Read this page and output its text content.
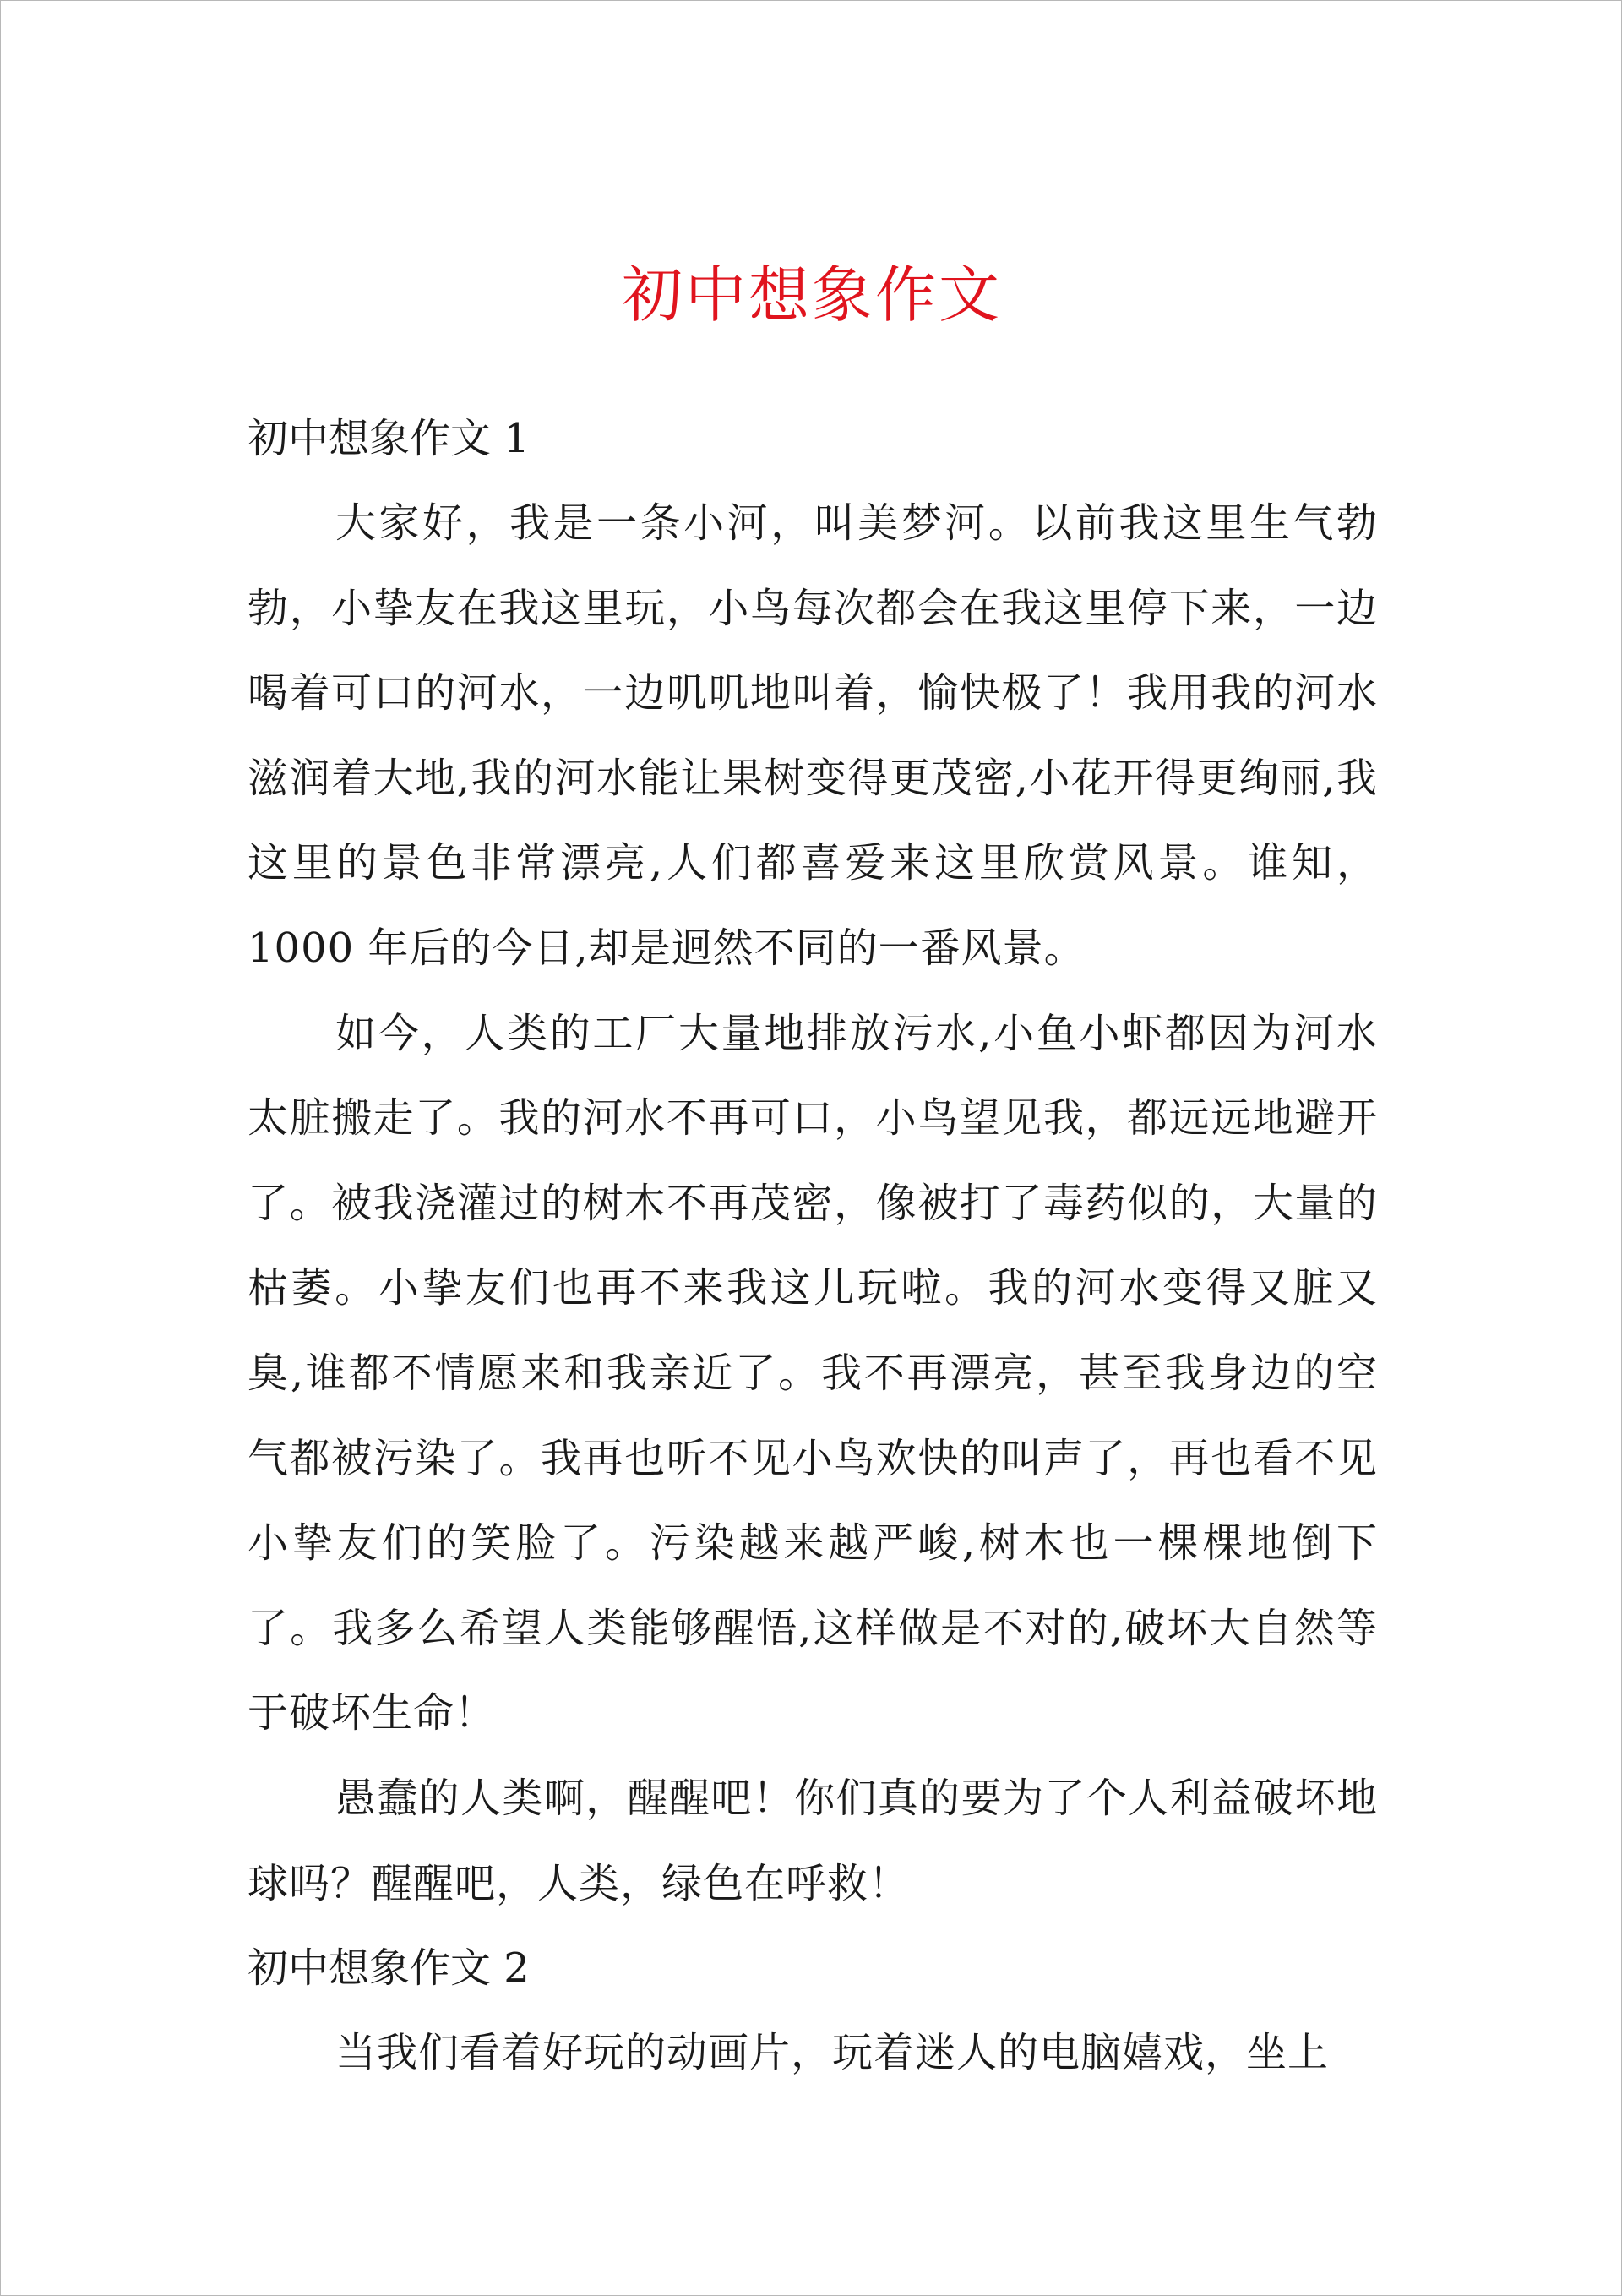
初中想象作文
初中想象作文 1

大家好，我是一条小河，叫美梦河。以前我这里生气勃勃，小挚友在我这里玩，小鸟每次都会在我这里停下来，一边喝着可口的河水，一边叽叽地叫着，愉快极了！我用我的河水滋润着大地,我的河水能让果树变得更茂密,小花开得更绚丽,我这里的景色非常漂亮,人们都喜爱来这里欣赏风景。谁知，1000 年后的今日,却是迥然不同的一番风景。

如今，人类的工厂大量地排放污水,小鱼小虾都因为河水太脏搬走了。我的河水不再可口，小鸟望见我，都远远地避开了。被我浇灌过的树木不再茂密，像被打了毒药似的，大量的枯萎。小挚友们也再不来我这儿玩啦。我的河水变得又脏又臭,谁都不情愿来和我亲近了。我不再漂亮，甚至我身边的空气都被污染了。我再也听不见小鸟欢快的叫声了，再也看不见小挚友们的笑脸了。污染越来越严峻,树木也一棵棵地倒下了。我多么希望人类能够醒悟,这样做是不对的,破坏大自然等于破坏生命！

愚蠢的人类啊，醒醒吧！你们真的要为了个人利益破坏地球吗？醒醒吧，人类，绿色在呼救！

初中想象作文 2

当我们看着好玩的动画片，玩着迷人的电脑嬉戏，坐上
